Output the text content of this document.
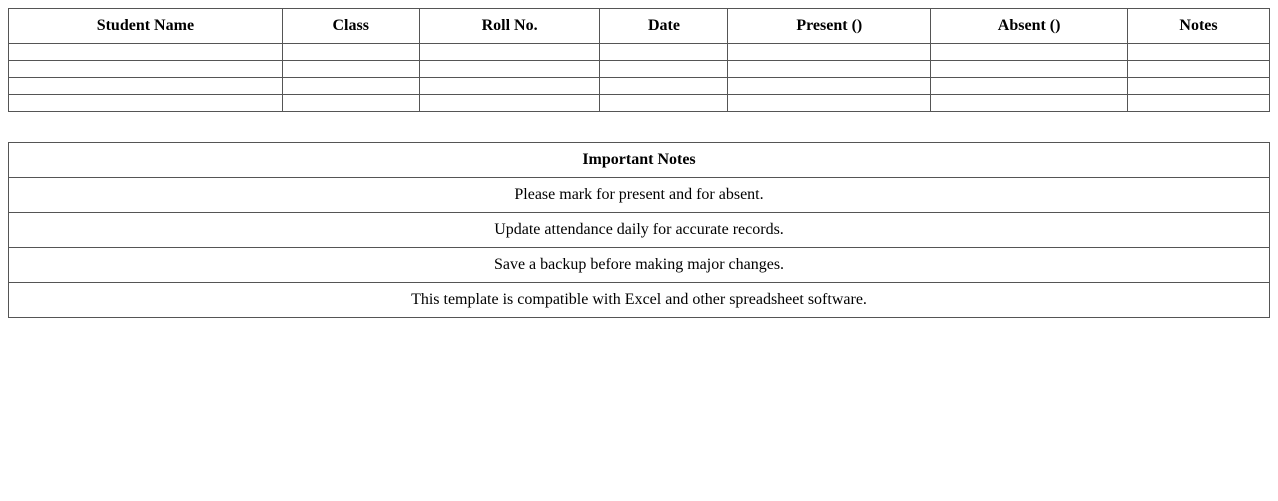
Student Name	Class	Roll No.	Date	Present ()	Absent ()	Notes

Important Notes
Please mark for present and for absent.
Update attendance daily for accurate records.
Save a backup before making major changes.
This template is compatible with Excel and other spreadsheet software.
